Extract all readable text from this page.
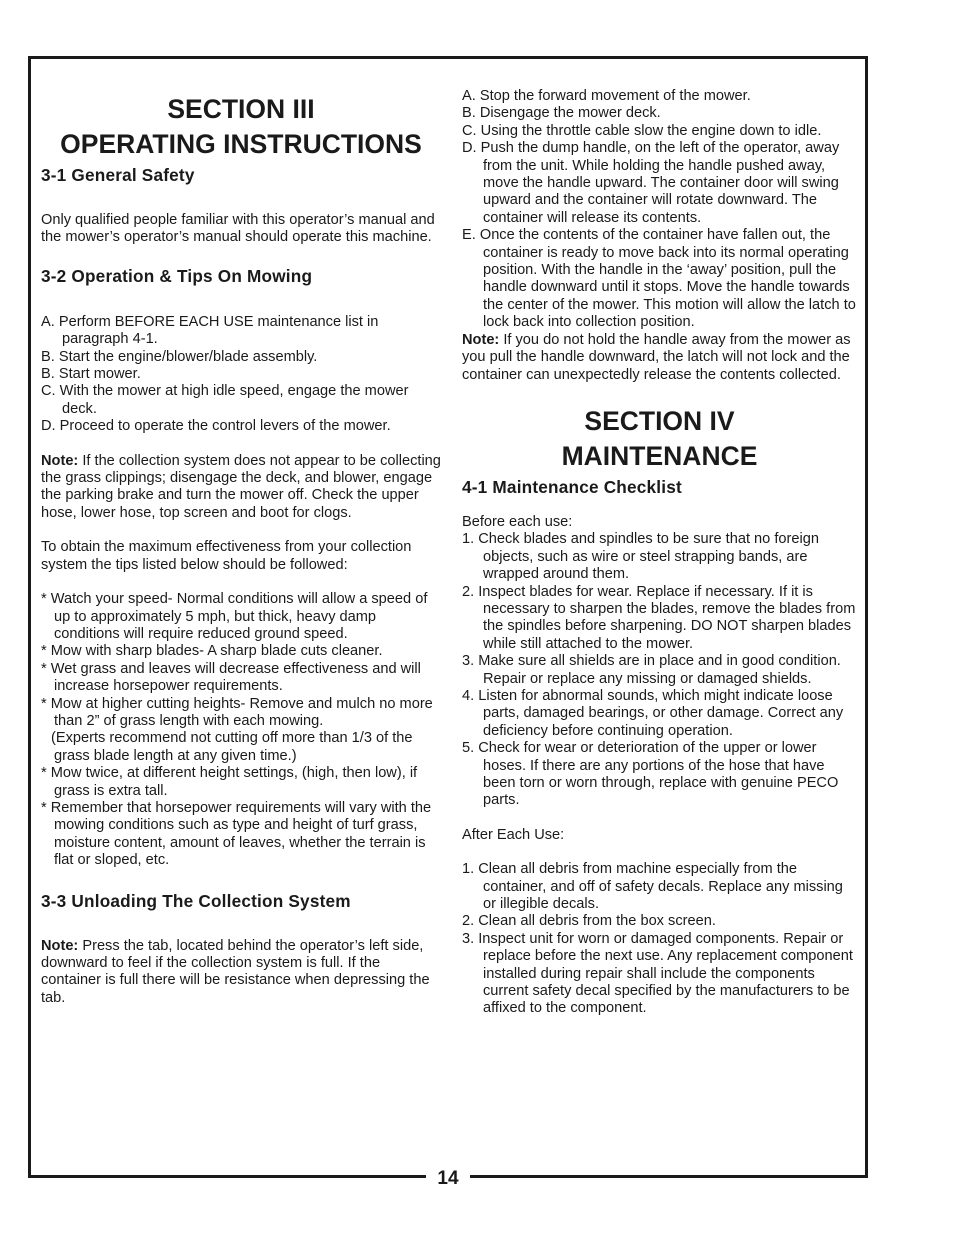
14
SECTION III
OPERATING INSTRUCTIONS
3-1 General Safety

Only qualified people familiar with this operator’s manual and the mower’s operator’s manual should operate this machine.

3-2 Operation & Tips On Mowing

A. Perform BEFORE EACH USE maintenance list in paragraph 4-1.

B. Start the engine/blower/blade assembly.

B. Start mower.

C. With the mower at high idle speed, engage the mower deck.

D. Proceed to operate the control levers of the mower.

Note: If the collection system does not appear to be collecting the grass clippings; disengage the deck, and blower, engage the parking brake and turn the mower off. Check the upper hose, lower hose, top screen and boot for clogs.

To obtain the maximum effectiveness from your collection system the tips listed below should be followed:

* Watch your speed- Normal conditions will allow a speed of up to approximately 5 mph, but thick, heavy damp conditions will require reduced ground speed.

* Mow with sharp blades- A sharp blade cuts cleaner.

* Wet grass and leaves will decrease effectiveness and will increase horsepower requirements.

* Mow at higher cutting heights- Remove and mulch no more than 2” of grass length with each mowing.

(Experts recommend not cutting off more than 1/3 of the grass blade length at any given time.)

* Mow twice, at different height settings, (high, then low), if grass is extra tall.

* Remember that horsepower requirements will vary with the mowing conditions such as type and height of turf grass, moisture content, amount of leaves, whether the terrain is flat or sloped, etc.

3-3 Unloading The Collection System

Note: Press the tab, located behind the operator’s left side, downward to feel if the collection system is full. If the container is full there will be resistance when depressing the tab.

A. Stop the forward movement of the mower.

B. Disengage the mower deck.

C. Using the throttle cable slow the engine down to idle.

D. Push the dump handle, on the left of the operator, away from the unit. While holding the handle pushed away, move the handle upward. The container door will swing upward and the container will rotate downward. The container will release its contents.

E. Once the contents of the container have fallen out, the container is ready to move back into its normal operating position. With the handle in the ‘away’ position, pull the handle downward until it stops. Move the handle towards the center of the mower. This motion will allow the latch to lock back into collection position.

Note: If you do not hold the handle away from the mower as you pull the handle downward, the latch will not lock and the container can unexpectedly release the contents collected.

SECTION IV
MAINTENANCE
4-1 Maintenance Checklist

Before each use:

1. Check blades and spindles to be sure that no foreign objects, such as wire or steel strapping bands, are wrapped around them.

2. Inspect blades for wear. Replace if necessary. If it is necessary to sharpen the blades, remove the blades from the spindles before sharpening. DO NOT sharpen blades while still attached to the mower.

3. Make sure all shields are in place and in good condition. Repair or replace any missing or damaged shields.

4. Listen for abnormal sounds, which might indicate loose parts, damaged bearings, or other damage. Correct any deficiency before continuing operation.

5. Check for wear or deterioration of the upper or lower hoses. If there are any portions of the hose that have been torn or worn through, replace with genuine PECO parts.

After Each Use:

1. Clean all debris from machine especially from the container, and off of safety decals. Replace any missing or illegible decals.

2. Clean all debris from the box screen.

3. Inspect unit for worn or damaged components. Repair or replace before the next use. Any replacement component installed during repair shall include the components current safety decal specified by the manufacturers to be affixed to the component.
